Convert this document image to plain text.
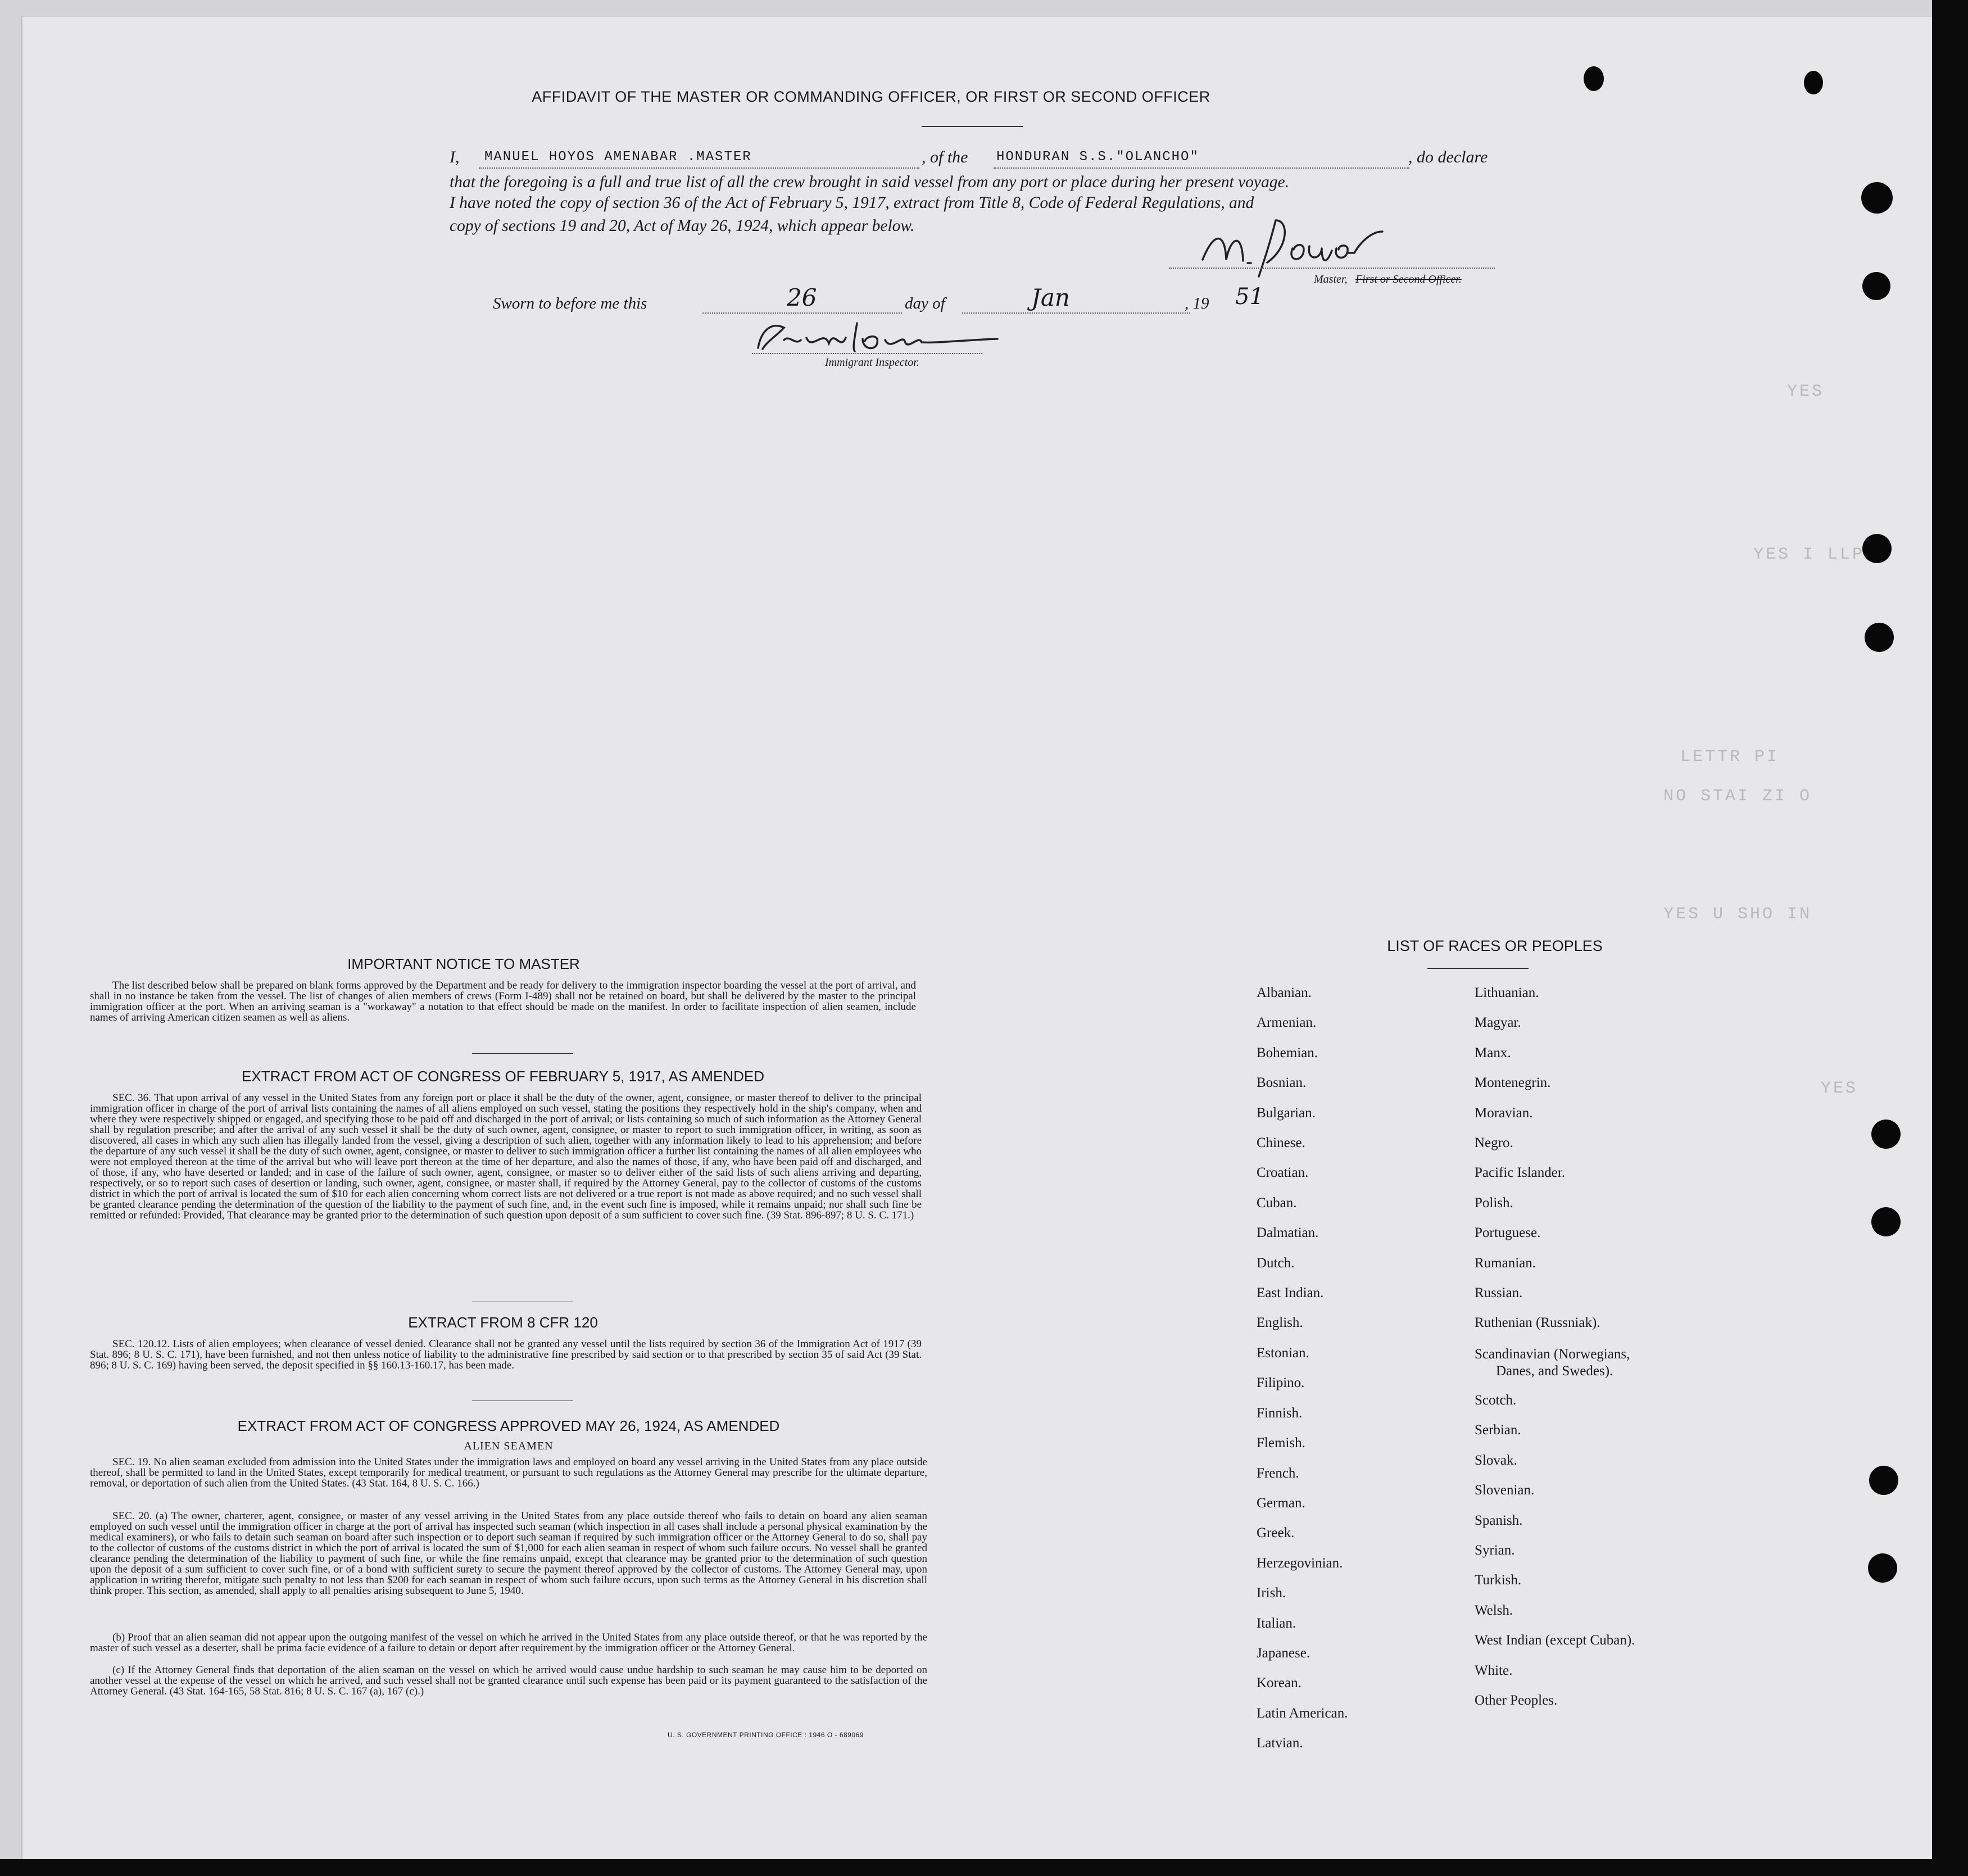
YES
YES I LLP
LETTR PI
NO STAI ZI O
YES U SHO IN
YES
AFFIDAVIT OF THE MASTER OR COMMANDING OFFICER, OR FIRST OR SECOND OFFICER
I, MANUEL HOYOS AMENABAR .MASTER	, of the HONDURAN S.S."OLANCHO"	, do declare
that the foregoing is a full and true list of all the crew brought in said vessel from any port or place during her present voyage.
I have noted the copy of section 36 of the Act of February 5, 1917, extract from Title 8, Code of Federal Regulations, and
copy of sections 19 and 20, Act of May 26, 1924, which appear below.
Master, First or Second Officer.
Sworn to before me this	26	day of	Jan	, 19 51
Immigrant Inspector.
IMPORTANT NOTICE TO MASTER
The list described below shall be prepared on blank forms approved by the Department and be ready for delivery to the immigration inspector boarding the vessel at the port of arrival, and shall in no instance be taken from the vessel. The list of changes of alien members of crews (Form I-489) shall not be retained on board, but shall be delivered by the master to the principal immigration officer at the port. When an arriving seaman is a "workaway" a notation to that effect should be made on the manifest. In order to facilitate inspection of alien seamen, include names of arriving American citizen seamen as well as aliens.
EXTRACT FROM ACT OF CONGRESS OF FEBRUARY 5, 1917, AS AMENDED
SEC. 36. That upon arrival of any vessel in the United States from any foreign port or place it shall be the duty of the owner, agent, consignee, or master thereof to deliver to the principal immigration officer in charge of the port of arrival lists containing the names of all aliens employed on such vessel, stating the positions they respectively hold in the ship's company, when and where they were respectively shipped or engaged, and specifying those to be paid off and discharged in the port of arrival; or lists containing so much of such information as the Attorney General shall by regulation prescribe; and after the arrival of any such vessel it shall be the duty of such owner, agent, consignee, or master to report to such immigration officer, in writing, as soon as discovered, all cases in which any such alien has illegally landed from the vessel, giving a description of such alien, together with any information likely to lead to his apprehension; and before the departure of any such vessel it shall be the duty of such owner, agent, consignee, or master to deliver to such immigration officer a further list containing the names of all alien employees who were not employed thereon at the time of the arrival but who will leave port thereon at the time of her departure, and also the names of those, if any, who have been paid off and discharged, and of those, if any, who have deserted or landed; and in case of the failure of such owner, agent, consignee, or master so to deliver either of the said lists of such aliens arriving and departing, respectively, or so to report such cases of desertion or landing, such owner, agent, consignee, or master shall, if required by the Attorney General, pay to the collector of customs of the customs district in which the port of arrival is located the sum of $10 for each alien concerning whom correct lists are not delivered or a true report is not made as above required; and no such vessel shall be granted clearance pending the determination of the question of the liability to the payment of such fine, and, in the event such fine is imposed, while it remains unpaid; nor shall such fine be remitted or refunded: Provided, That clearance may be granted prior to the determination of such question upon deposit of a sum sufficient to cover such fine. (39 Stat. 896-897; 8 U. S. C. 171.)
EXTRACT FROM 8 CFR 120
SEC. 120.12. Lists of alien employees; when clearance of vessel denied. Clearance shall not be granted any vessel until the lists required by section 36 of the Immigration Act of 1917 (39 Stat. 896; 8 U. S. C. 171), have been furnished, and not then unless notice of liability to the administrative fine prescribed by said section or to that prescribed by section 35 of said Act (39 Stat. 896; 8 U. S. C. 169) having been served, the deposit specified in §§ 160.13-160.17, has been made.
EXTRACT FROM ACT OF CONGRESS APPROVED MAY 26, 1924, AS AMENDED
ALIEN SEAMEN
SEC. 19. No alien seaman excluded from admission into the United States under the immigration laws and employed on board any vessel arriving in the United States from any place outside thereof, shall be permitted to land in the United States, except temporarily for medical treatment, or pursuant to such regulations as the Attorney General may prescribe for the ultimate departure, removal, or deportation of such alien from the United States. (43 Stat. 164, 8 U. S. C. 166.)
SEC. 20. (a) The owner, charterer, agent, consignee, or master of any vessel arriving in the United States from any place outside thereof who fails to detain on board any alien seaman employed on such vessel until the immigration officer in charge at the port of arrival has inspected such seaman (which inspection in all cases shall include a personal physical examination by the medical examiners), or who fails to detain such seaman on board after such inspection or to deport such seaman if required by such immigration officer or the Attorney General to do so, shall pay to the collector of customs of the customs district in which the port of arrival is located the sum of $1,000 for each alien seaman in respect of whom such failure occurs. No vessel shall be granted clearance pending the determination of the liability to payment of such fine, or while the fine remains unpaid, except that clearance may be granted prior to the determination of such question upon the deposit of a sum sufficient to cover such fine, or of a bond with sufficient surety to secure the payment thereof approved by the collector of customs. The Attorney General may, upon application in writing therefor, mitigate such penalty to not less than $200 for each seaman in respect of whom such failure occurs, upon such terms as the Attorney General in his discretion shall think proper. This section, as amended, shall apply to all penalties arising subsequent to June 5, 1940.
(b) Proof that an alien seaman did not appear upon the outgoing manifest of the vessel on which he arrived in the United States from any place outside thereof, or that he was reported by the master of such vessel as a deserter, shall be prima facie evidence of a failure to detain or deport after requirement by the immigration officer or the Attorney General.
(c) If the Attorney General finds that deportation of the alien seaman on the vessel on which he arrived would cause undue hardship to such seaman he may cause him to be deported on another vessel at the expense of the vessel on which he arrived, and such vessel shall not be granted clearance until such expense has been paid or its payment guaranteed to the satisfaction of the Attorney General. (43 Stat. 164-165, 58 Stat. 816; 8 U. S. C. 167 (a), 167 (c).)
U. S. GOVERNMENT PRINTING OFFICE : 1946 O - 689069
LIST OF RACES OR PEOPLES
Albanian.
Armenian.
Bohemian.
Bosnian.
Bulgarian.
Chinese.
Croatian.
Cuban.
Dalmatian.
Dutch.
East Indian.
English.
Estonian.
Filipino.
Finnish.
Flemish.
French.
German.
Greek.
Herzegovinian.
Irish.
Italian.
Japanese.
Korean.
Latin American.
Latvian.
Lithuanian.
Magyar.
Manx.
Montenegrin.
Moravian.
Negro.
Pacific Islander.
Polish.
Portuguese.
Rumanian.
Russian.
Ruthenian (Russniak).
Scandinavian (Norwegians,
Danes, and Swedes).
Scotch.
Serbian.
Slovak.
Slovenian.
Spanish.
Syrian.
Turkish.
Welsh.
West Indian (except Cuban).
White.
Other Peoples.
